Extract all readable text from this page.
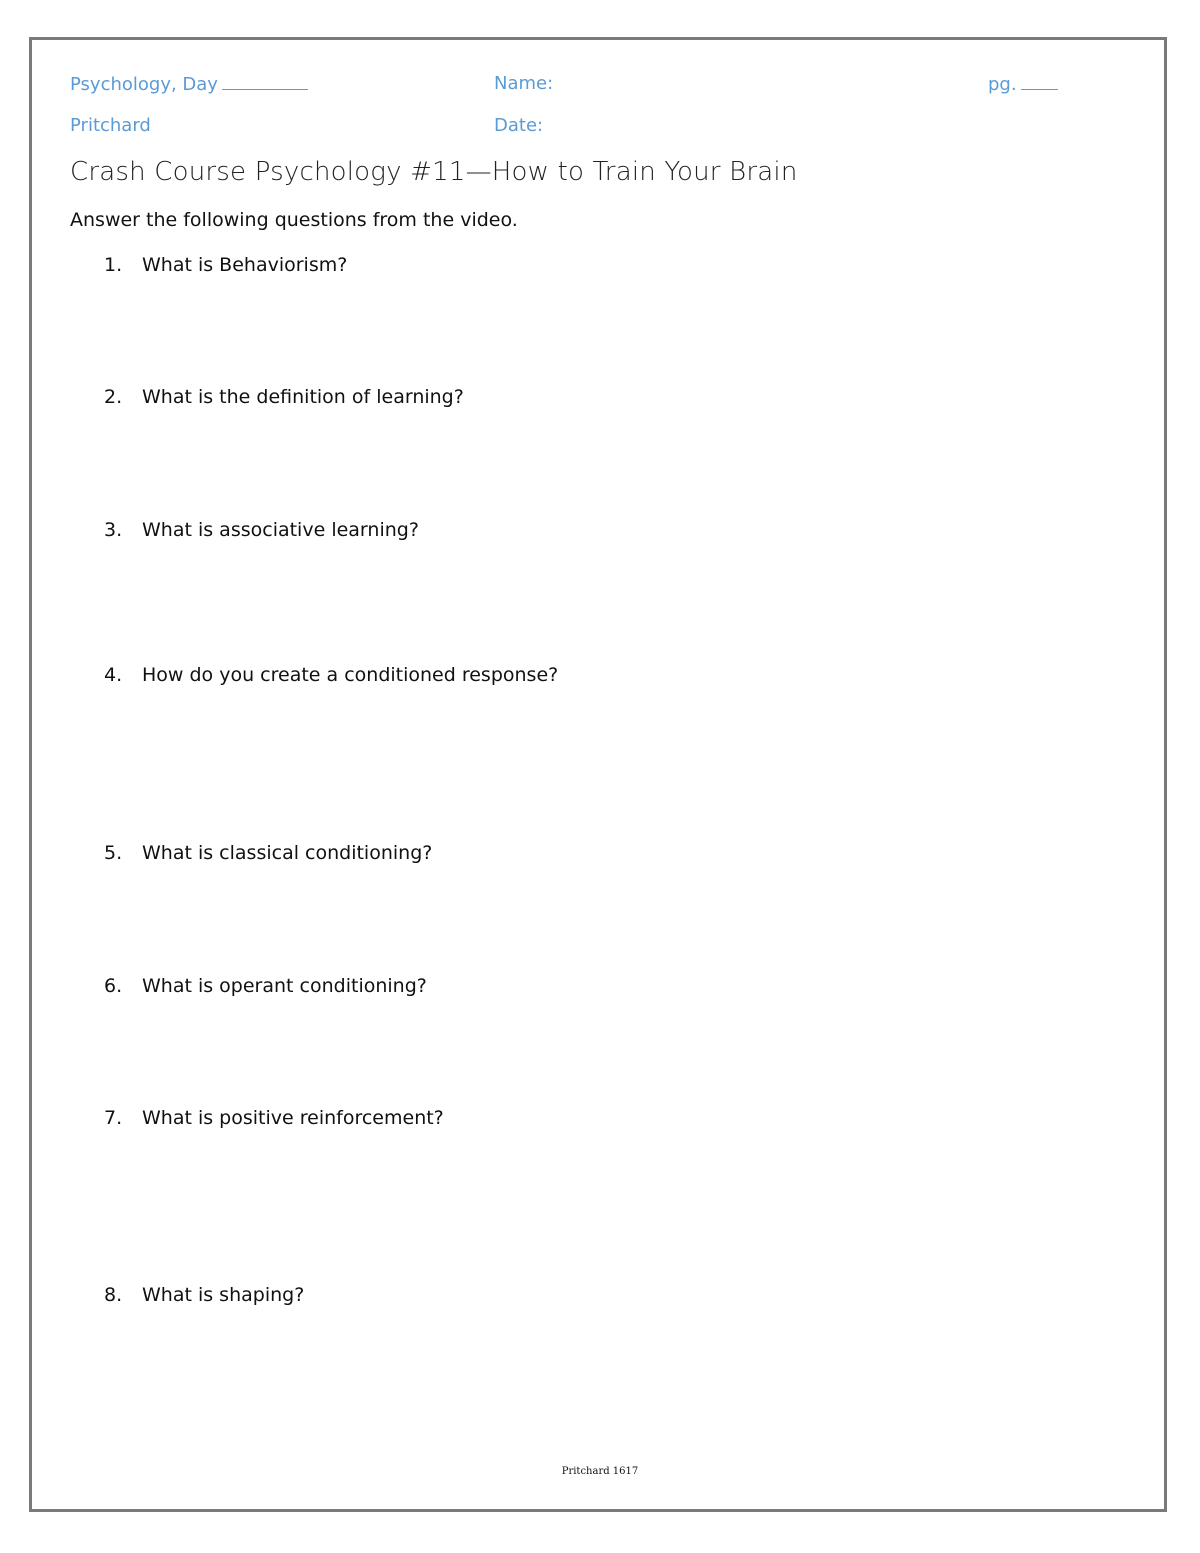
Psychology, Day
Pritchard
Name:
Date:
pg.
Crash Course Psychology #11—How to Train Your Brain
Answer the following questions from the video.
1. What is Behaviorism?
2. What is the definition of learning?
3. What is associative learning?
4. How do you create a conditioned response?
5. What is classical conditioning?
6. What is operant conditioning?
7. What is positive reinforcement?
8. What is shaping?
Pritchard 1617
